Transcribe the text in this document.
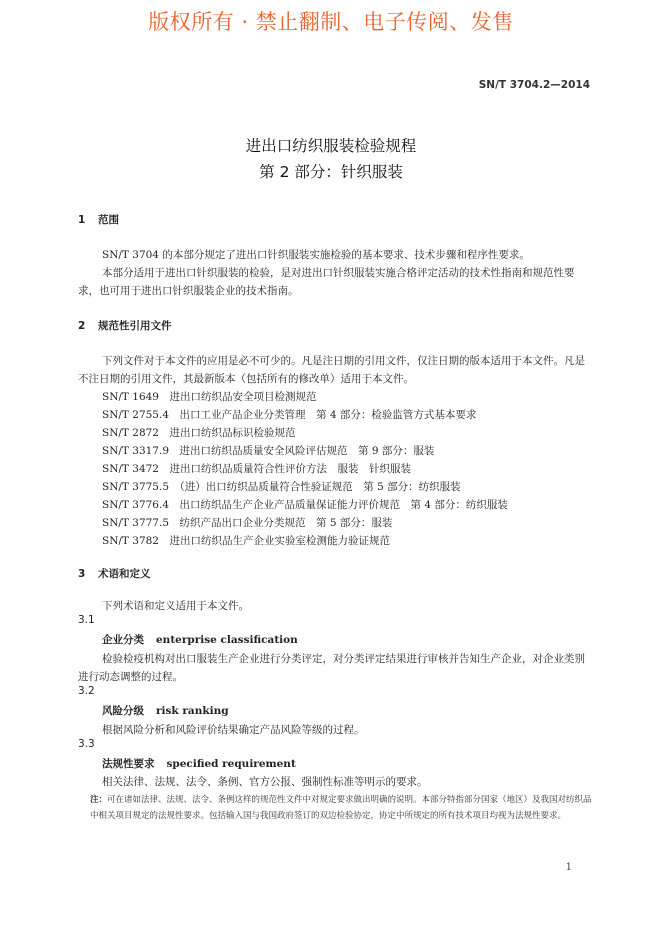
版权所有 · 禁止翻制、电子传阅、发售
SN/T 3704.2—2014
进出口纺织服装检验规程
第 2 部分：针织服装
1 范围

SN/T 3704 的本部分规定了进出口针织服装实施检验的基本要求、技术步骤和程序性要求。

本部分适用于进出口针织服装的检验，是对进出口针织服装实施合格评定活动的技术性指南和规范性要求，也可用于进出口针织服装企业的技术指南。

2 规范性引用文件

下列文件对于本文件的应用是必不可少的。凡是注日期的引用文件，仅注日期的版本适用于本文件。凡是不注日期的引用文件，其最新版本（包括所有的修改单）适用于本文件。

SN/T 1649　进出口纺织品安全项目检测规范

SN/T 2755.4　出口工业产品企业分类管理　第 4 部分：检验监管方式基本要求

SN/T 2872　进出口纺织品标识检验规范

SN/T 3317.9　进出口纺织品质量安全风险评估规范　第 9 部分：服装

SN/T 3472　进出口纺织品质量符合性评价方法　服装　针织服装

SN/T 3775.5　（进）出口纺织品质量符合性验证规范　第 5 部分：纺织服装

SN/T 3776.4　出口纺织品生产企业产品质量保证能力评价规范　第 4 部分：纺织服装

SN/T 3777.5　纺织产品出口企业分类规范　第 5 部分：服装

SN/T 3782　进出口纺织品生产企业实验室检测能力验证规范

3 术语和定义

下列术语和定义适用于本文件。

3.1
企业分类 enterprise classification

检验检疫机构对出口服装生产企业进行分类评定，对分类评定结果进行审核并告知生产企业，对企业类别进行动态调整的过程。

3.2
风险分级 risk ranking

根据风险分析和风险评价结果确定产品风险等级的过程。

3.3
法规性要求 specified requirement

相关法律、法规、法令、条例、官方公报、强制性标准等明示的要求。

注：可在诸如法律、法规、法令、条例这样的规范性文件中对规定要求做出明确的说明。本部分特指部分国家（地区）及我国对纺织品中相关项目规定的法规性要求。包括输入国与我国政府签订的双边检验协定，协定中所规定的所有技术项目均视为法规性要求。
1
